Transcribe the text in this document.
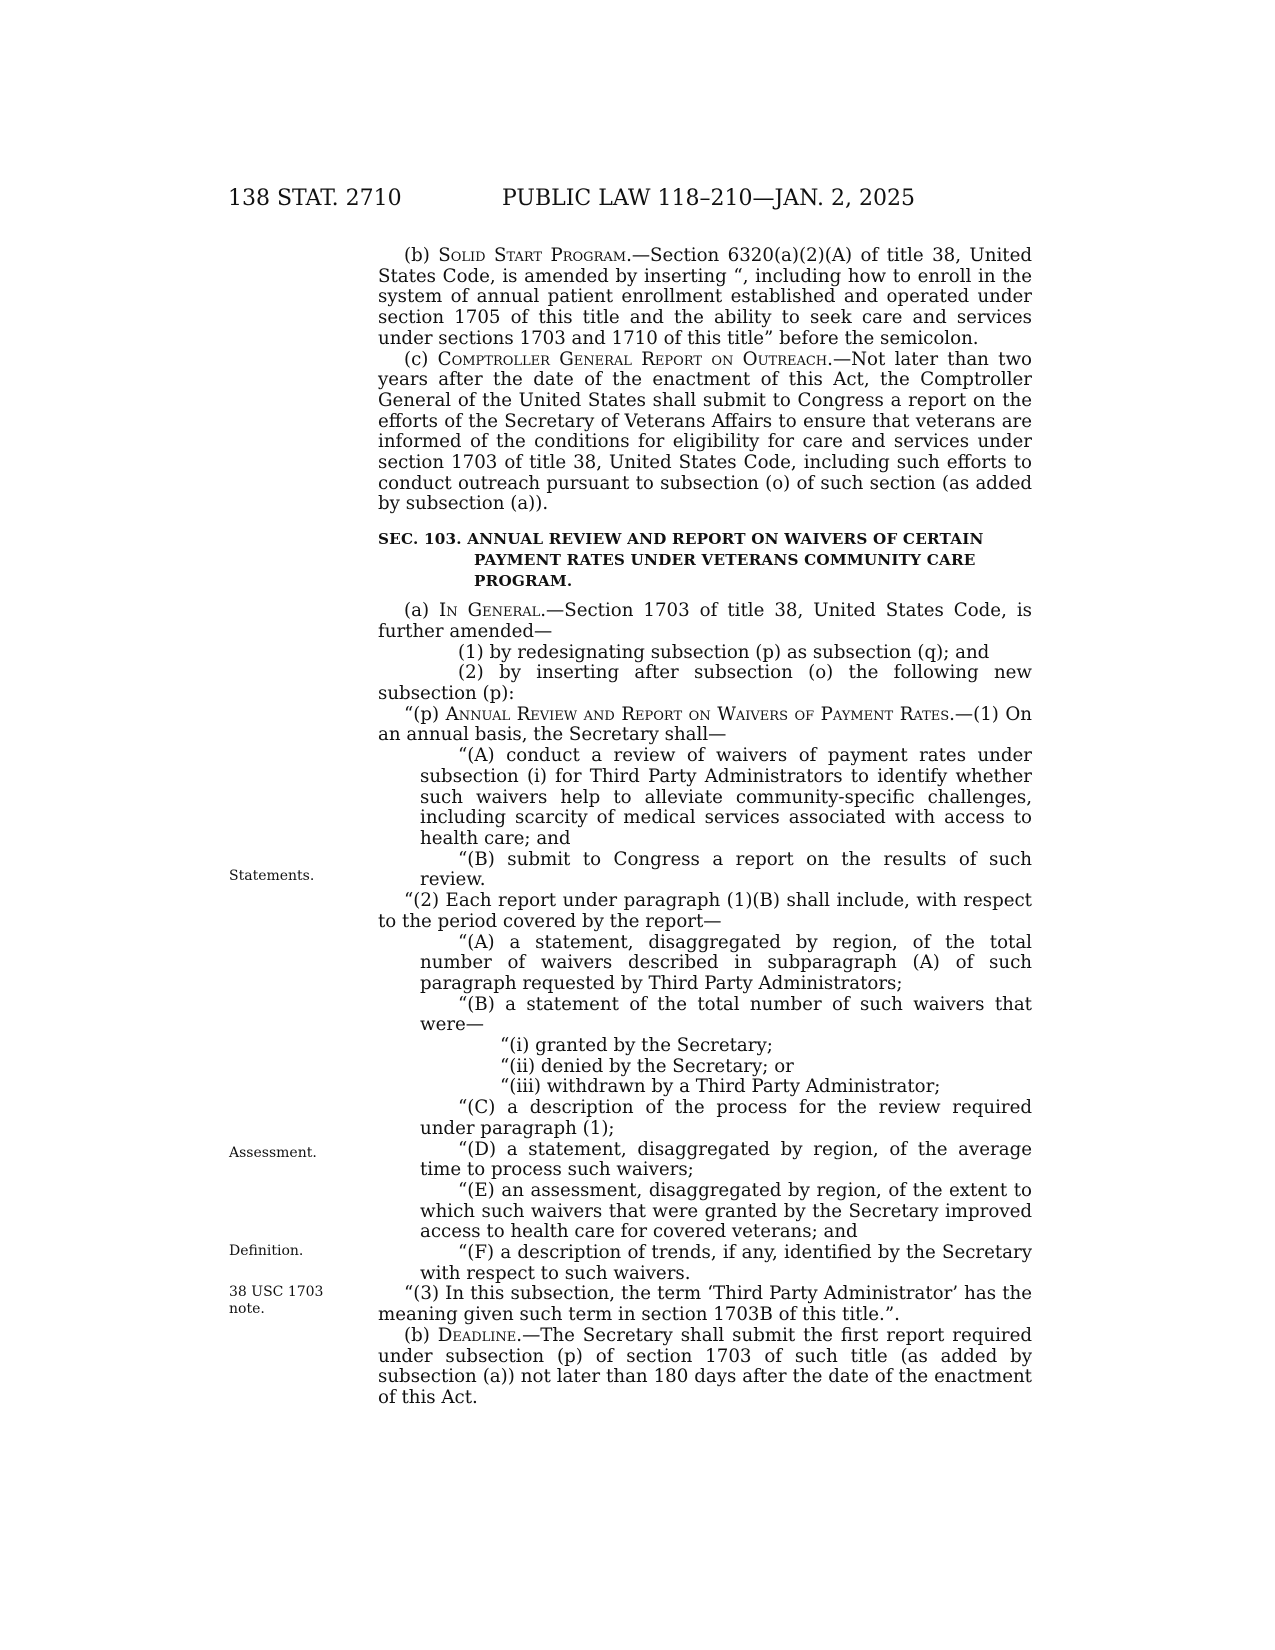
138 STAT. 2710	PUBLIC LAW 118–210—JAN. 2, 2025
Statements.
Assessment.
Definition.
38 USC 1703
note.

(b) Solid Start Program.—Section 6320(a)(2)(A) of title 38, United States Code, is amended by inserting “, including how to enroll in the system of annual patient enrollment established and operated under section 1705 of this title and the ability to seek care and services under sections 1703 and 1710 of this title” before the semicolon.

(c) Comptroller General Report on Outreach.—Not later than two years after the date of the enactment of this Act, the Comptroller General of the United States shall submit to Congress a report on the efforts of the Secretary of Veterans Affairs to ensure that veterans are informed of the conditions for eligibility for care and services under section 1703 of title 38, United States Code, including such efforts to conduct outreach pursuant to subsection (o) of such section (as added by subsection (a)).

SEC. 103. ANNUAL REVIEW AND REPORT ON WAIVERS OF CERTAIN PAYMENT RATES UNDER VETERANS COMMUNITY CARE PROGRAM.

(a) In General.—Section 1703 of title 38, United States Code, is further amended—

(1) by redesignating subsection (p) as subsection (q); and

(2) by inserting after subsection (o) the following new subsection (p):

“(p) Annual Review and Report on Waivers of Payment Rates.—(1) On an annual basis, the Secretary shall—

“(A) conduct a review of waivers of payment rates under subsection (i) for Third Party Administrators to identify whether such waivers help to alleviate community-specific challenges, including scarcity of medical services associated with access to health care; and

“(B) submit to Congress a report on the results of such review.

“(2) Each report under paragraph (1)(B) shall include, with respect to the period covered by the report—

“(A) a statement, disaggregated by region, of the total number of waivers described in subparagraph (A) of such paragraph requested by Third Party Administrators;

“(B) a statement of the total number of such waivers that were—

“(i) granted by the Secretary;

“(ii) denied by the Secretary; or

“(iii) withdrawn by a Third Party Administrator;

“(C) a description of the process for the review required under paragraph (1);

“(D) a statement, disaggregated by region, of the average time to process such waivers;

“(E) an assessment, disaggregated by region, of the extent to which such waivers that were granted by the Secretary improved access to health care for covered veterans; and

“(F) a description of trends, if any, identified by the Secretary with respect to such waivers.

“(3) In this subsection, the term ‘Third Party Administrator’ has the meaning given such term in section 1703B of this title.”.

(b) Deadline.—The Secretary shall submit the first report required under subsection (p) of section 1703 of such title (as added by subsection (a)) not later than 180 days after the date of the enactment of this Act.
